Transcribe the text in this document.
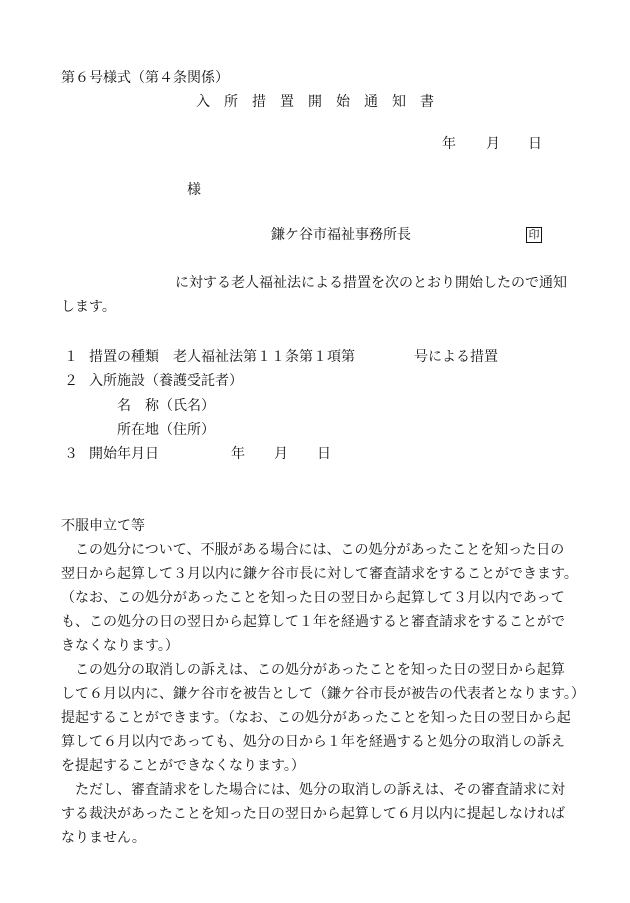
第６号様式（第４条関係）
入　所　措　置　開　始　通　知　書
年 月 日
様
鎌ケ谷市福祉事務所長	印
に対する老人福祉法による措置を次のとおり開始したので通知
します。
１ 措置の種類　老人福祉法第１１条第１項第	号による措置
２ 入所施設（養護受託者）
名　称（氏名）
所在地（住所）
３ 開始年月日	年 月 日
不服申立て等
　この処分について、不服がある場合には、この処分があったことを知った日の
翌日から起算して３月以内に鎌ケ谷市長に対して審査請求をすることができます。
（なお、この処分があったことを知った日の翌日から起算して３月以内であって
も、この処分の日の翌日から起算して１年を経過すると審査請求をすることがで
きなくなります。）
　この処分の取消しの訴えは、この処分があったことを知った日の翌日から起算
して６月以内に、鎌ケ谷市を被告として（鎌ケ谷市長が被告の代表者となります。）
提起することができます。（なお、この処分があったことを知った日の翌日から起
算して６月以内であっても、処分の日から１年を経過すると処分の取消しの訴え
を提起することができなくなります。）
　ただし、審査請求をした場合には、処分の取消しの訴えは、その審査請求に対
する裁決があったことを知った日の翌日から起算して６月以内に提起しなければ
なりません。
